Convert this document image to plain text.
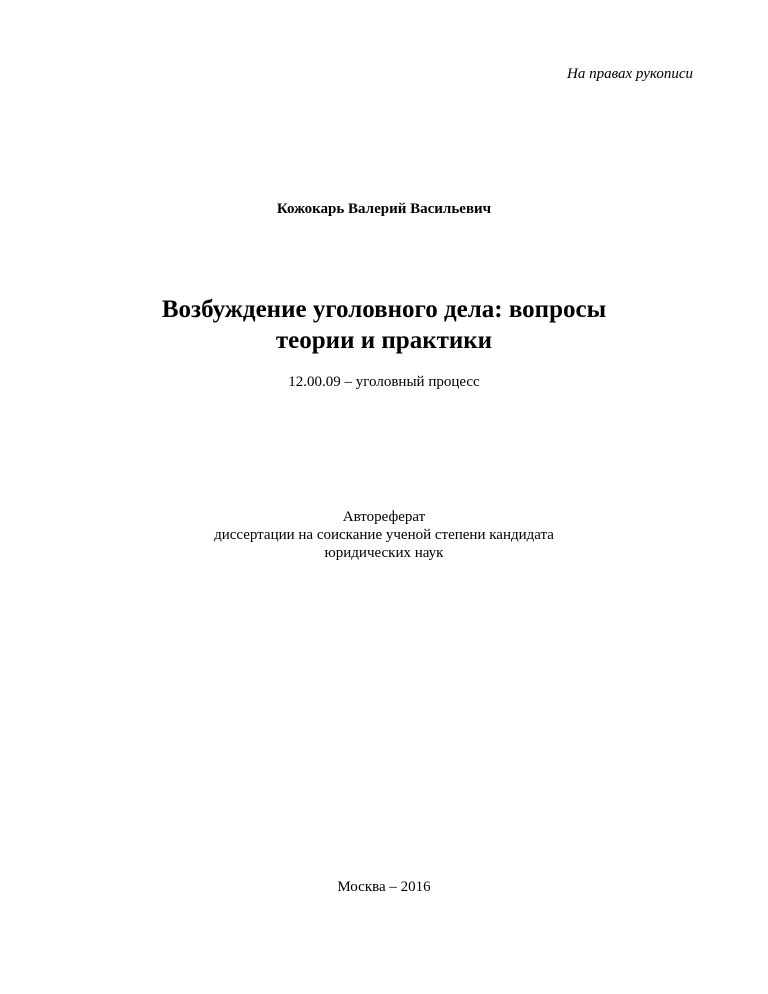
На правах рукописи
Кожокарь Валерий Васильевич
Возбуждение уголовного дела: вопросы
теории и практики
12.00.09 – уголовный процесс
Автореферат
диссертации на соискание ученой степени кандидата
юридических наук
Москва – 2016
